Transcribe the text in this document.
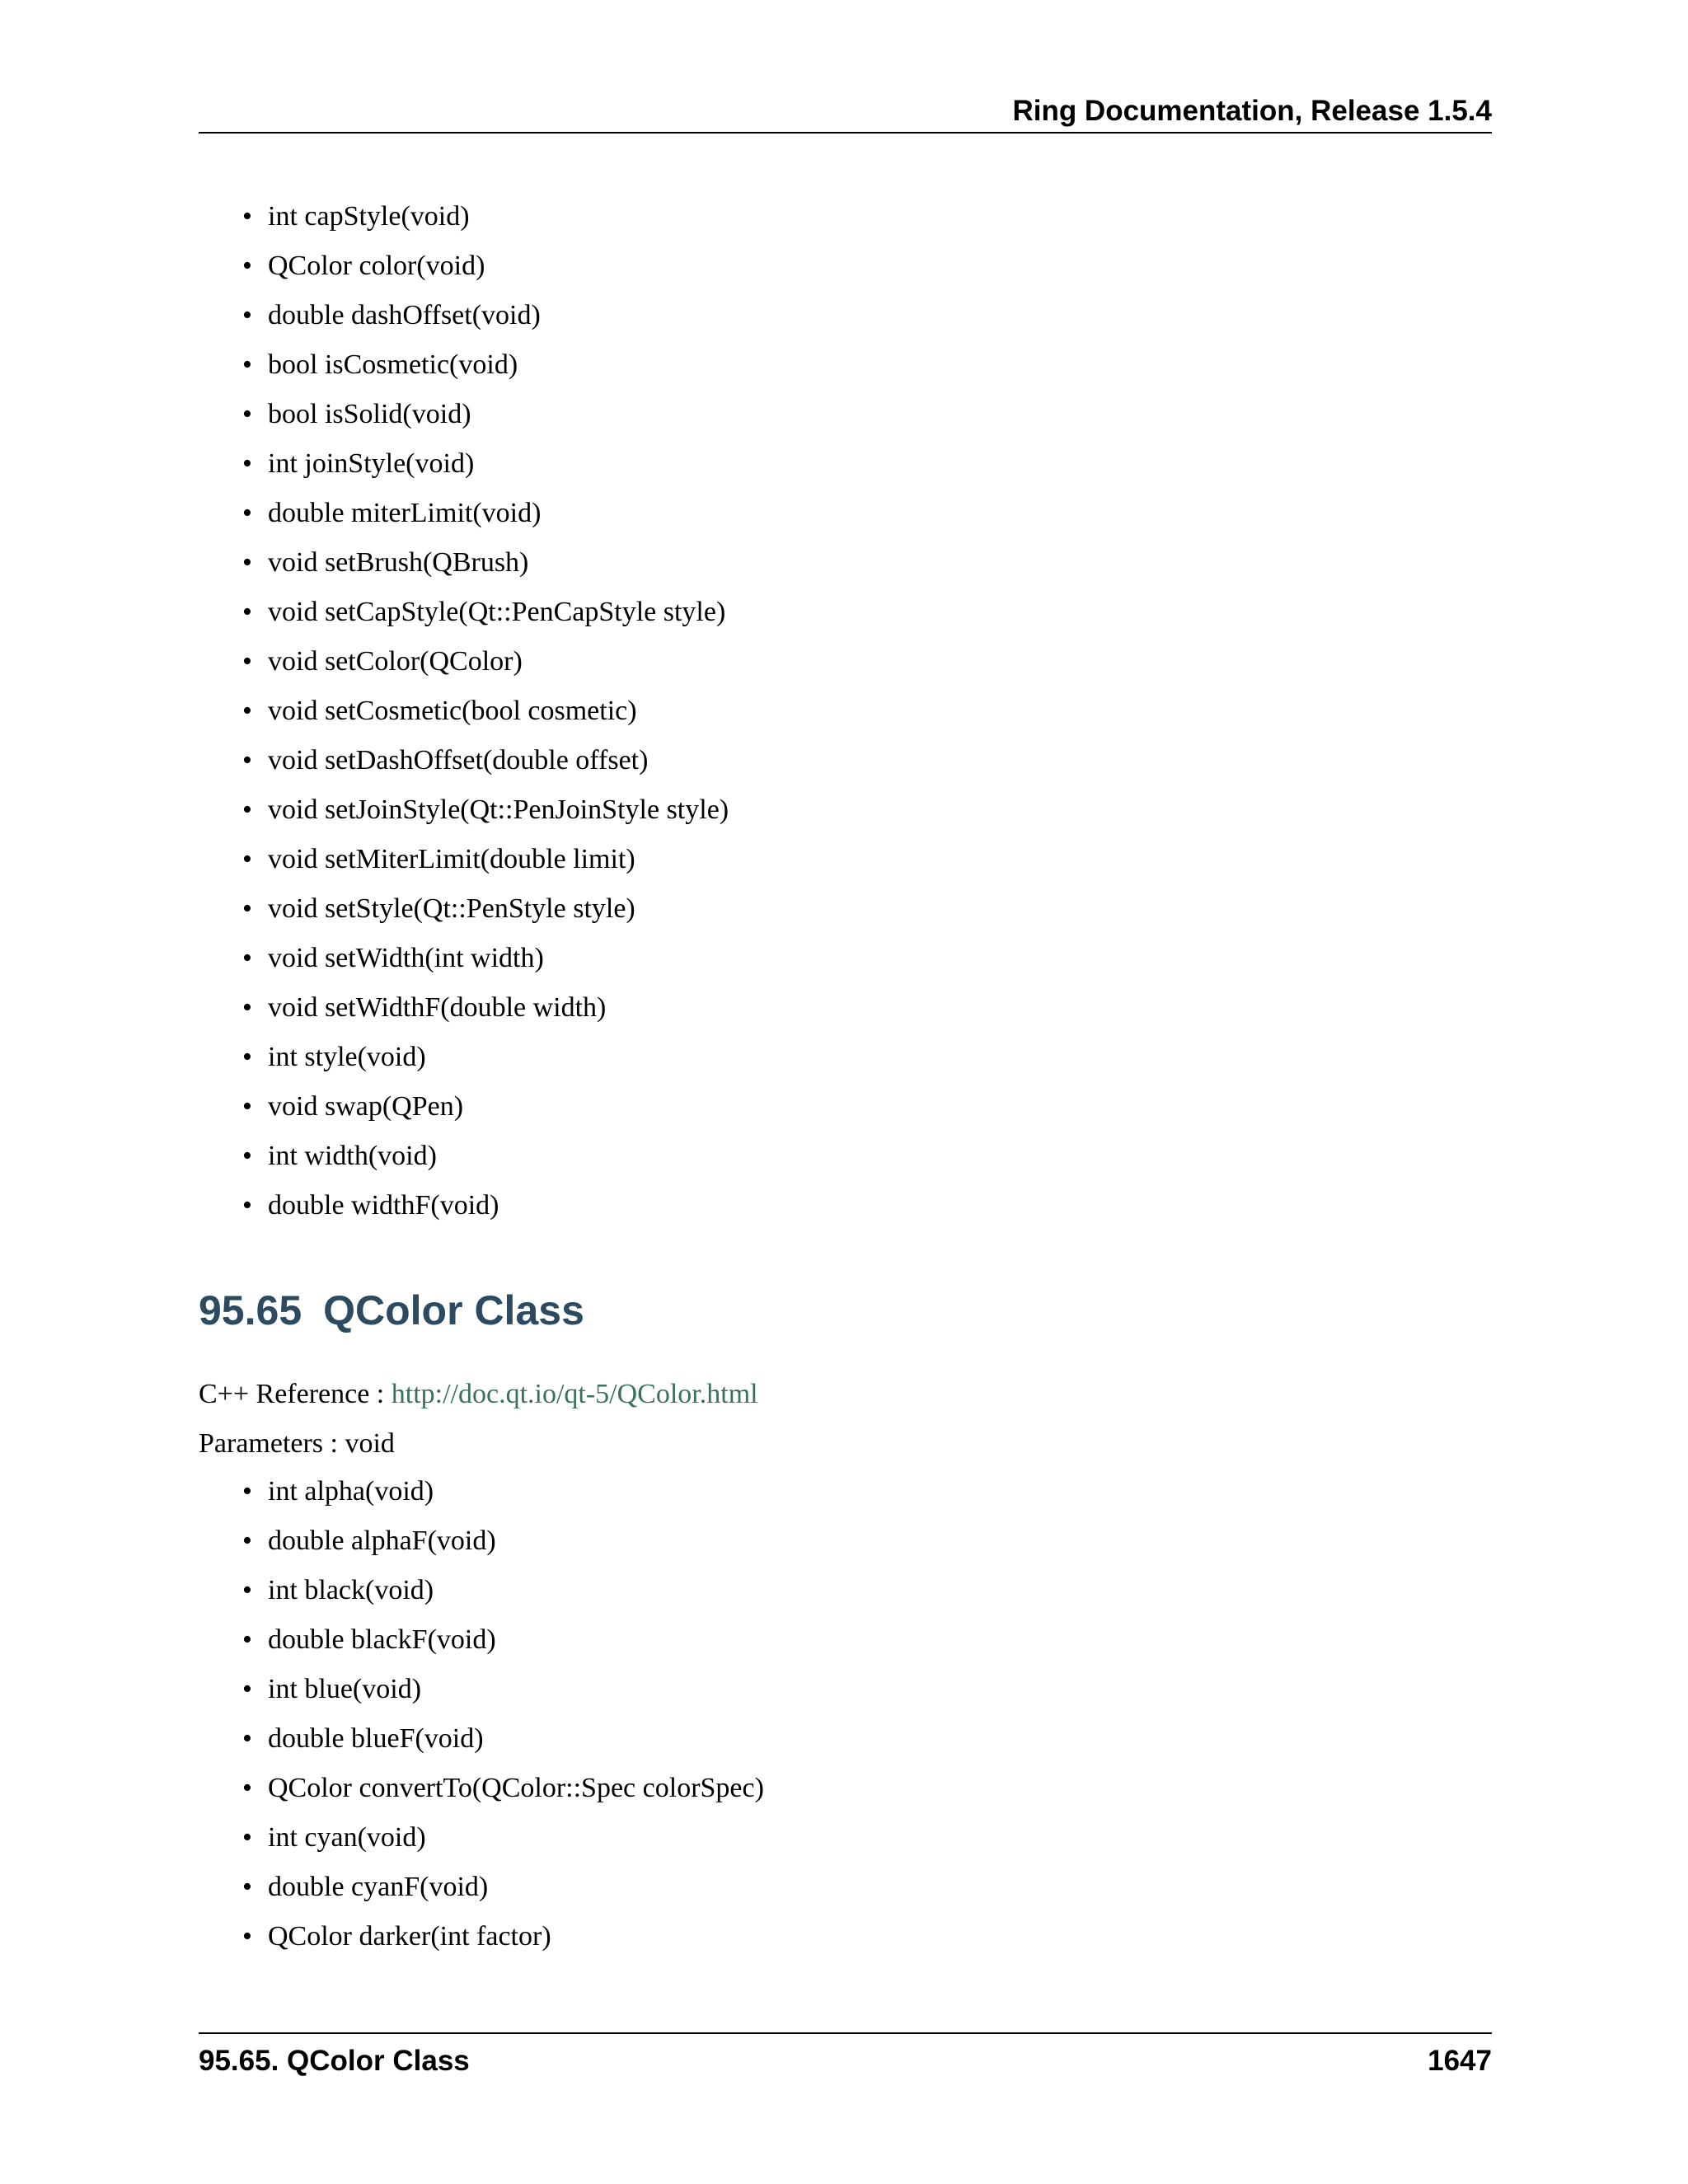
Ring Documentation, Release 1.5.4
• int capStyle(void)
• QColor color(void)
• double dashOffset(void)
• bool isCosmetic(void)
• bool isSolid(void)
• int joinStyle(void)
• double miterLimit(void)
• void setBrush(QBrush)
• void setCapStyle(Qt::PenCapStyle style)
• void setColor(QColor)
• void setCosmetic(bool cosmetic)
• void setDashOffset(double offset)
• void setJoinStyle(Qt::PenJoinStyle style)
• void setMiterLimit(double limit)
• void setStyle(Qt::PenStyle style)
• void setWidth(int width)
• void setWidthF(double width)
• int style(void)
• void swap(QPen)
• int width(void)
• double widthF(void)
95.65 QColor Class

C++ Reference : http://doc.qt.io/qt-5/QColor.html

Parameters : void

• int alpha(void)
• double alphaF(void)
• int black(void)
• double blackF(void)
• int blue(void)
• double blueF(void)
• QColor convertTo(QColor::Spec colorSpec)
• int cyan(void)
• double cyanF(void)
• QColor darker(int factor)
95.65. QColor Class	1647
